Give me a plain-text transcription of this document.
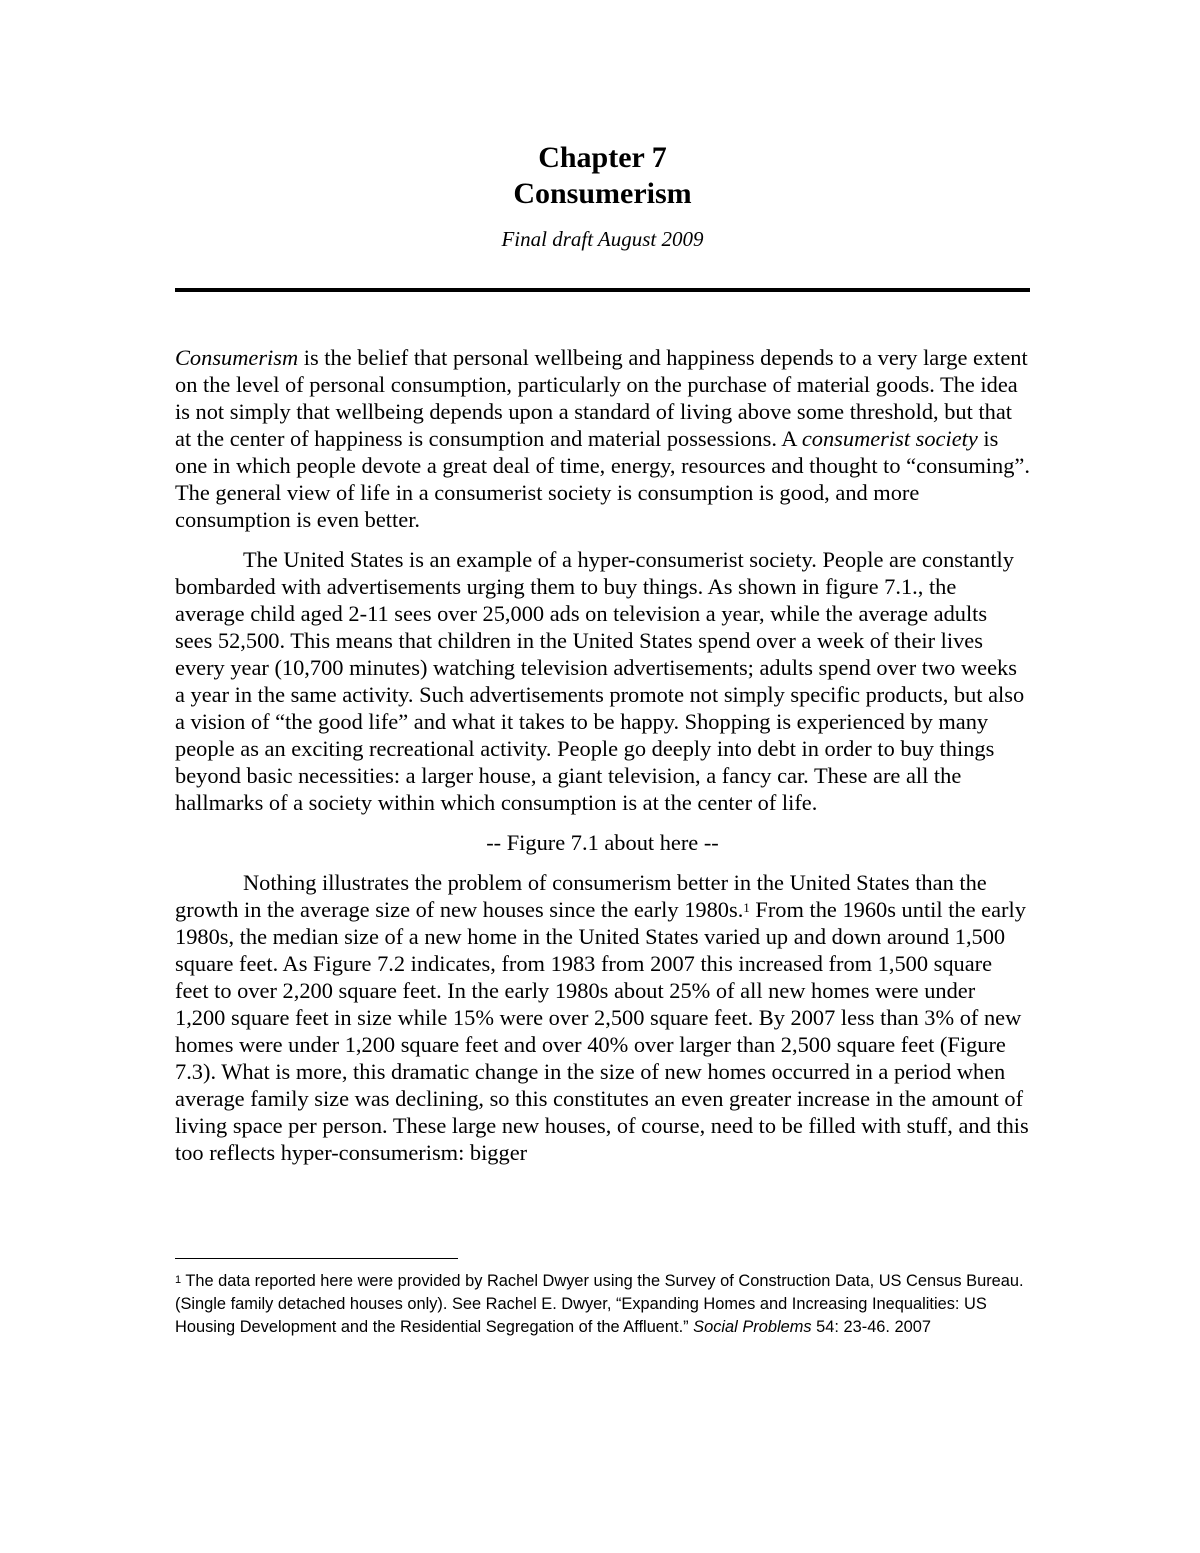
Chapter 7
Consumerism
Final draft August 2009

Consumerism is the belief that personal wellbeing and happiness depends to a very large extent on the level of personal consumption, particularly on the purchase of material goods. The idea is not simply that wellbeing depends upon a standard of living above some threshold, but that at the center of happiness is consumption and material possessions. A consumerist society is one in which people devote a great deal of time, energy, resources and thought to “consuming”. The general view of life in a consumerist society is consumption is good, and more consumption is even better.

The United States is an example of a hyper-consumerist society. People are constantly bombarded with advertisements urging them to buy things. As shown in figure 7.1., the average child aged 2-11 sees over 25,000 ads on television a year, while the average adults sees 52,500. This means that children in the United States spend over a week of their lives every year (10,700 minutes) watching television advertisements; adults spend over two weeks a year in the same activity. Such advertisements promote not simply specific products, but also a vision of “the good life” and what it takes to be happy. Shopping is experienced by many people as an exciting recreational activity. People go deeply into debt in order to buy things beyond basic necessities: a larger house, a giant television, a fancy car. These are all the hallmarks of a society within which consumption is at the center of life.

-- Figure 7.1 about here --

Nothing illustrates the problem of consumerism better in the United States than the growth in the average size of new houses since the early 1980s.$^1$ From the 1960s until the early 1980s, the median size of a new home in the United States varied up and down around 1,500 square feet. As Figure 7.2 indicates, from 1983 from 2007 this increased from 1,500 square feet to over 2,200 square feet. In the early 1980s about 25% of all new homes were under 1,200 square feet in size while 15% were over 2,500 square feet. By 2007 less than 3% of new homes were under 1,200 square feet and over 40% over larger than 2,500 square feet (Figure 7.3). What is more, this dramatic change in the size of new homes occurred in a period when average family size was declining, so this constitutes an even greater increase in the amount of living space per person. These large new houses, of course, need to be filled with stuff, and this too reflects hyper-consumerism: bigger

$^1$ The data reported here were provided by Rachel Dwyer using the Survey of Construction Data, US Census Bureau. (Single family detached houses only). See Rachel E. Dwyer, “Expanding Homes and Increasing Inequalities: US Housing Development and the Residential Segregation of the Affluent.” Social Problems 54: 23-46. 2007
